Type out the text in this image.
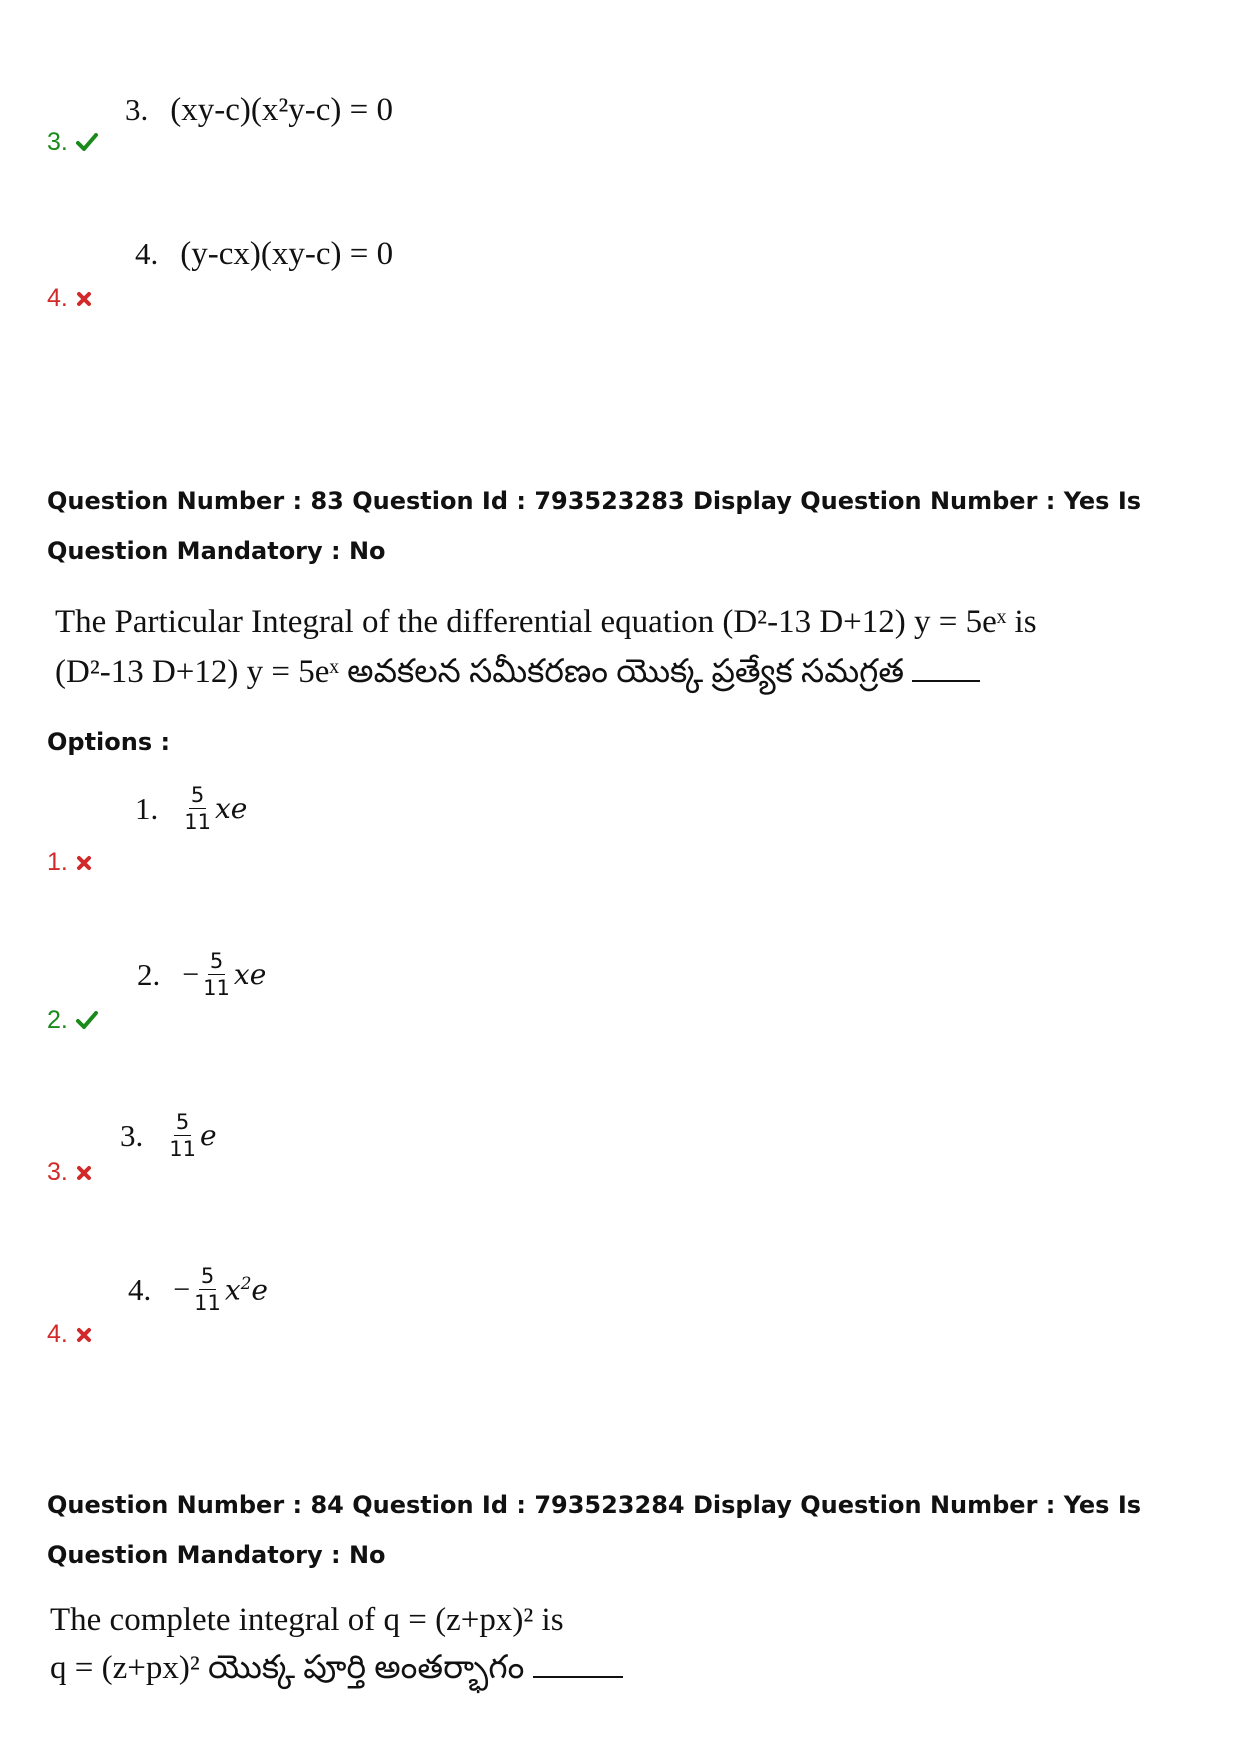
3. (xy-c)(x²y-c) = 0
3.
4. (y-cx)(xy-c) = 0
4.
Question Number : 83 Question Id : 793523283 Display Question Number : Yes Is Question Mandatory : No
The Particular Integral of the differential equation (D²-13 D+12) y = 5eˣ is
(D²-13 D+12) y = 5eˣ అవకలన సమీకరణం యొక్క ప్రత్యేక సమగ్రత
Options :
1. $\frac{5}{11}$ xe
1.
2. − $\frac{5}{11}$ xe
2.
3. $\frac{5}{11}$ e
3.
4. − $\frac{5}{11} x^2e$
4.
Question Number : 84 Question Id : 793523284 Display Question Number : Yes Is Question Mandatory : No
The complete integral of q = (z+px)² is
q = (z+px)² యొక్క పూర్తి అంతర్భాగం
